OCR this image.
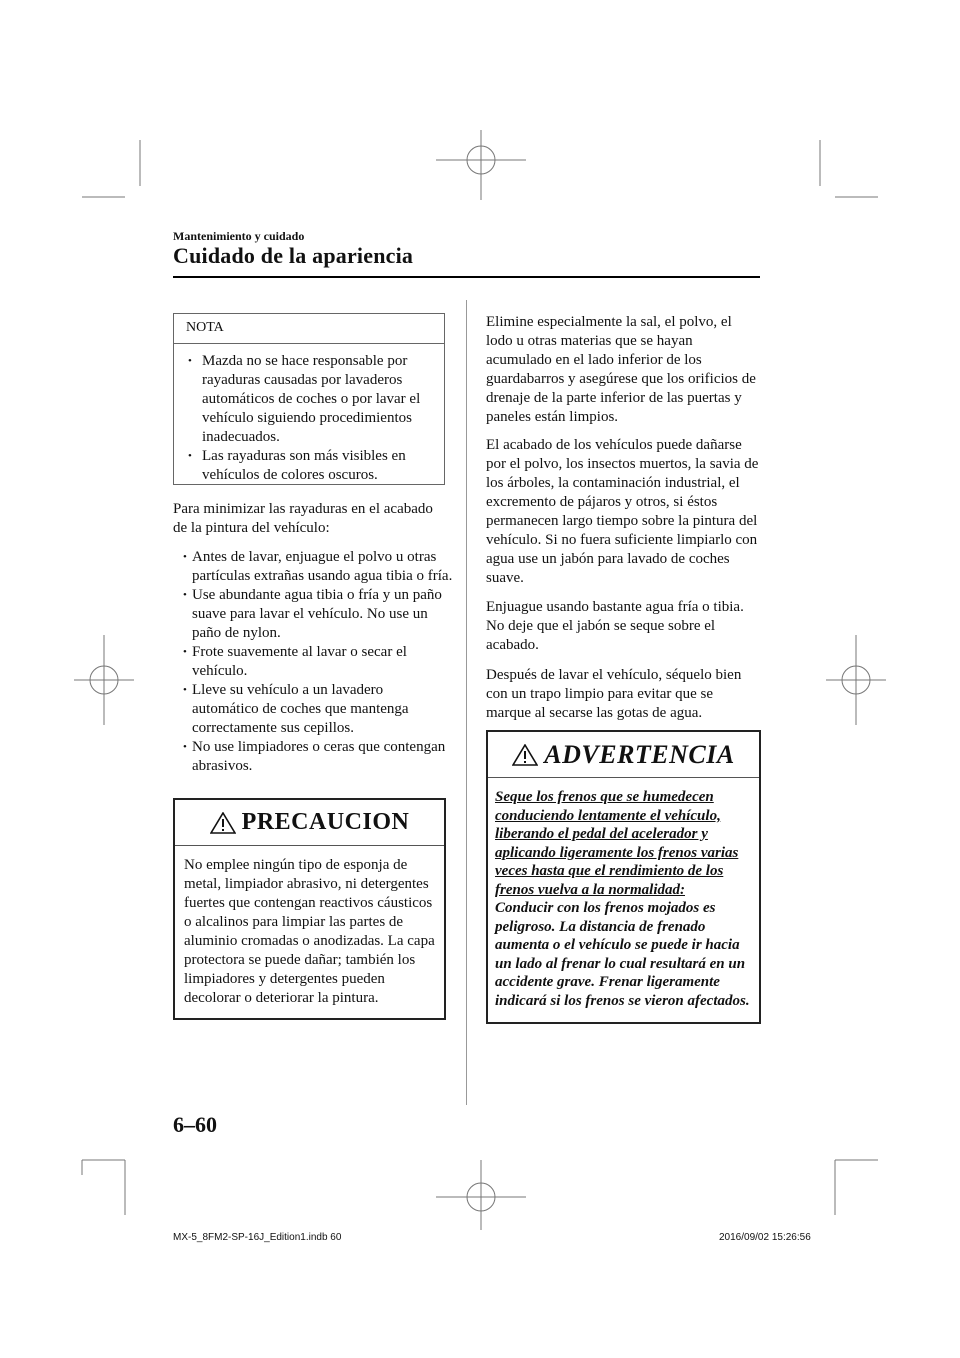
Mantenimiento y cuidado
Cuidado de la apariencia
NOTA
• Mazda no se hace responsable por rayaduras causadas por lavaderos automáticos de coches o por lavar el vehículo siguiendo procedimientos inadecuados.
• Las rayaduras son más visibles en vehículos de colores oscuros.

Para minimizar las rayaduras en el acabado de la pintura del vehículo:

• Antes de lavar, enjuague el polvo u otras partículas extrañas usando agua tibia o fría.
• Use abundante agua tibia o fría y un paño suave para lavar el vehículo. No use un paño de nylon.
• Frote suavemente al lavar o secar el vehículo.
• Lleve su vehículo a un lavadero automático de coches que mantenga correctamente sus cepillos.
• No use limpiadores o ceras que contengan abrasivos.
PRECAUCION

No emplee ningún tipo de esponja de metal, limpiador abrasivo, ni detergentes fuertes que contengan reactivos cáusticos o alcalinos para limpiar las partes de aluminio cromadas o anodizadas. La capa protectora se puede dañar; también los limpiadores y detergentes pueden decolorar o deteriorar la pintura.

Elimine especialmente la sal, el polvo, el lodo u otras materias que se hayan acumulado en el lado inferior de los guardabarros y asegúrese que los orificios de drenaje de la parte inferior de las puertas y paneles están limpios.

El acabado de los vehículos puede dañarse por el polvo, los insectos muertos, la savia de los árboles, la contaminación industrial, el excremento de pájaros y otros, si éstos permanecen largo tiempo sobre la pintura del vehículo. Si no fuera suficiente limpiarlo con agua use un jabón para lavado de coches suave.

Enjuague usando bastante agua fría o tibia. No deje que el jabón se seque sobre el acabado.

Después de lavar el vehículo, séquelo bien con un trapo limpio para evitar que se marque al secarse las gotas de agua.

ADVERTENCIA

Seque los frenos que se humedecen conduciendo lentamente el vehículo, liberando el pedal del acelerador y aplicando ligeramente los frenos varias veces hasta que el rendimiento de los frenos vuelva a la normalidad:
Conducir con los frenos mojados es peligroso. La distancia de frenado aumenta o el vehículo se puede ir hacia un lado al frenar lo cual resultará en un accidente grave. Frenar ligeramente indicará si los frenos se vieron afectados.

6–60
MX-5_8FM2-SP-16J_Edition1.indb 60	2016/09/02 15:26:56
